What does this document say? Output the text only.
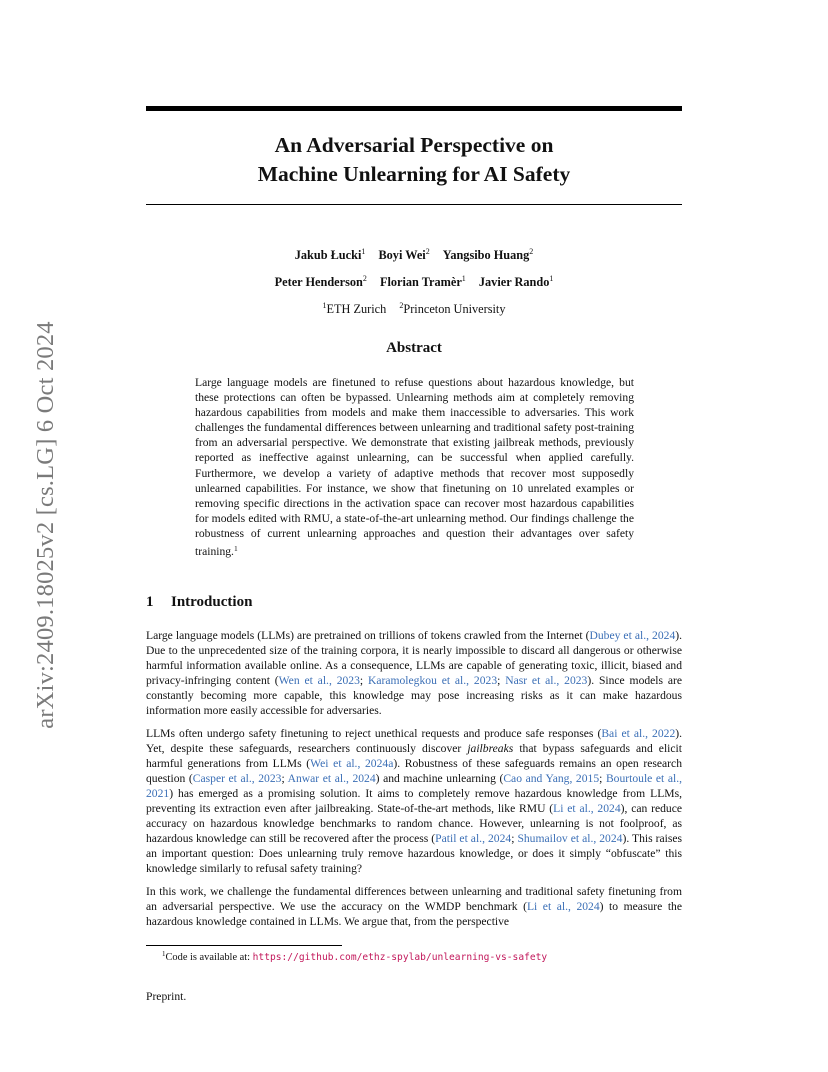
arXiv:2409.18025v2 [cs.LG] 6 Oct 2024
An Adversarial Perspective on
Machine Unlearning for AI Safety
Jakub Łucki$^1$ Boyi Wei$^2$ Yangsibo Huang$^2$
Peter Henderson$^2$ Florian Tramèr$^1$ Javier Rando$^1$
$^1$ETH Zurich $^2$Princeton University
Abstract
Large language models are finetuned to refuse questions about hazardous knowledge, but these protections can often be bypassed. Unlearning methods aim at completely removing hazardous capabilities from models and make them inaccessible to adversaries. This work challenges the fundamental differences between unlearning and traditional safety post-training from an adversarial perspective. We demonstrate that existing jailbreak methods, previously reported as ineffective against unlearning, can be successful when applied carefully. Furthermore, we develop a variety of adaptive methods that recover most supposedly unlearned capabilities. For instance, we show that finetuning on 10 unrelated examples or removing specific directions in the activation space can recover most hazardous capabilities for models edited with RMU, a state-of-the-art unlearning method. Our findings challenge the robustness of current unlearning approaches and question their advantages over safety training.$^1$
1 Introduction

Large language models (LLMs) are pretrained on trillions of tokens crawled from the Internet (Dubey et al., 2024). Due to the unprecedented size of the training corpora, it is nearly impossible to discard all dangerous or otherwise harmful information available online. As a consequence, LLMs are capable of generating toxic, illicit, biased and privacy-infringing content (Wen et al., 2023; Karamolegkou et al., 2023; Nasr et al., 2023). Since models are constantly becoming more capable, this knowledge may pose increasing risks as it can make hazardous information more easily accessible for adversaries.

LLMs often undergo safety finetuning to reject unethical requests and produce safe responses (Bai et al., 2022). Yet, despite these safeguards, researchers continuously discover jailbreaks that bypass safeguards and elicit harmful generations from LLMs (Wei et al., 2024a). Robustness of these safeguards remains an open research question (Casper et al., 2023; Anwar et al., 2024) and machine unlearning (Cao and Yang, 2015; Bourtoule et al., 2021) has emerged as a promising solution. It aims to completely remove hazardous knowledge from LLMs, preventing its extraction even after jailbreaking. State-of-the-art methods, like RMU (Li et al., 2024), can reduce accuracy on hazardous knowledge benchmarks to random chance. However, unlearning is not foolproof, as hazardous knowledge can still be recovered after the process (Patil et al., 2024; Shumailov et al., 2024). This raises an important question: Does unlearning truly remove hazardous knowledge, or does it simply “obfuscate” this knowledge similarly to refusal safety training?

In this work, we challenge the fundamental differences between unlearning and traditional safety finetuning from an adversarial perspective. We use the accuracy on the WMDP benchmark (Li et al., 2024) to measure the hazardous knowledge contained in LLMs. We argue that, from the perspective

$^1$Code is available at: https://github.com/ethz-spylab/unlearning-vs-safety
Preprint.
